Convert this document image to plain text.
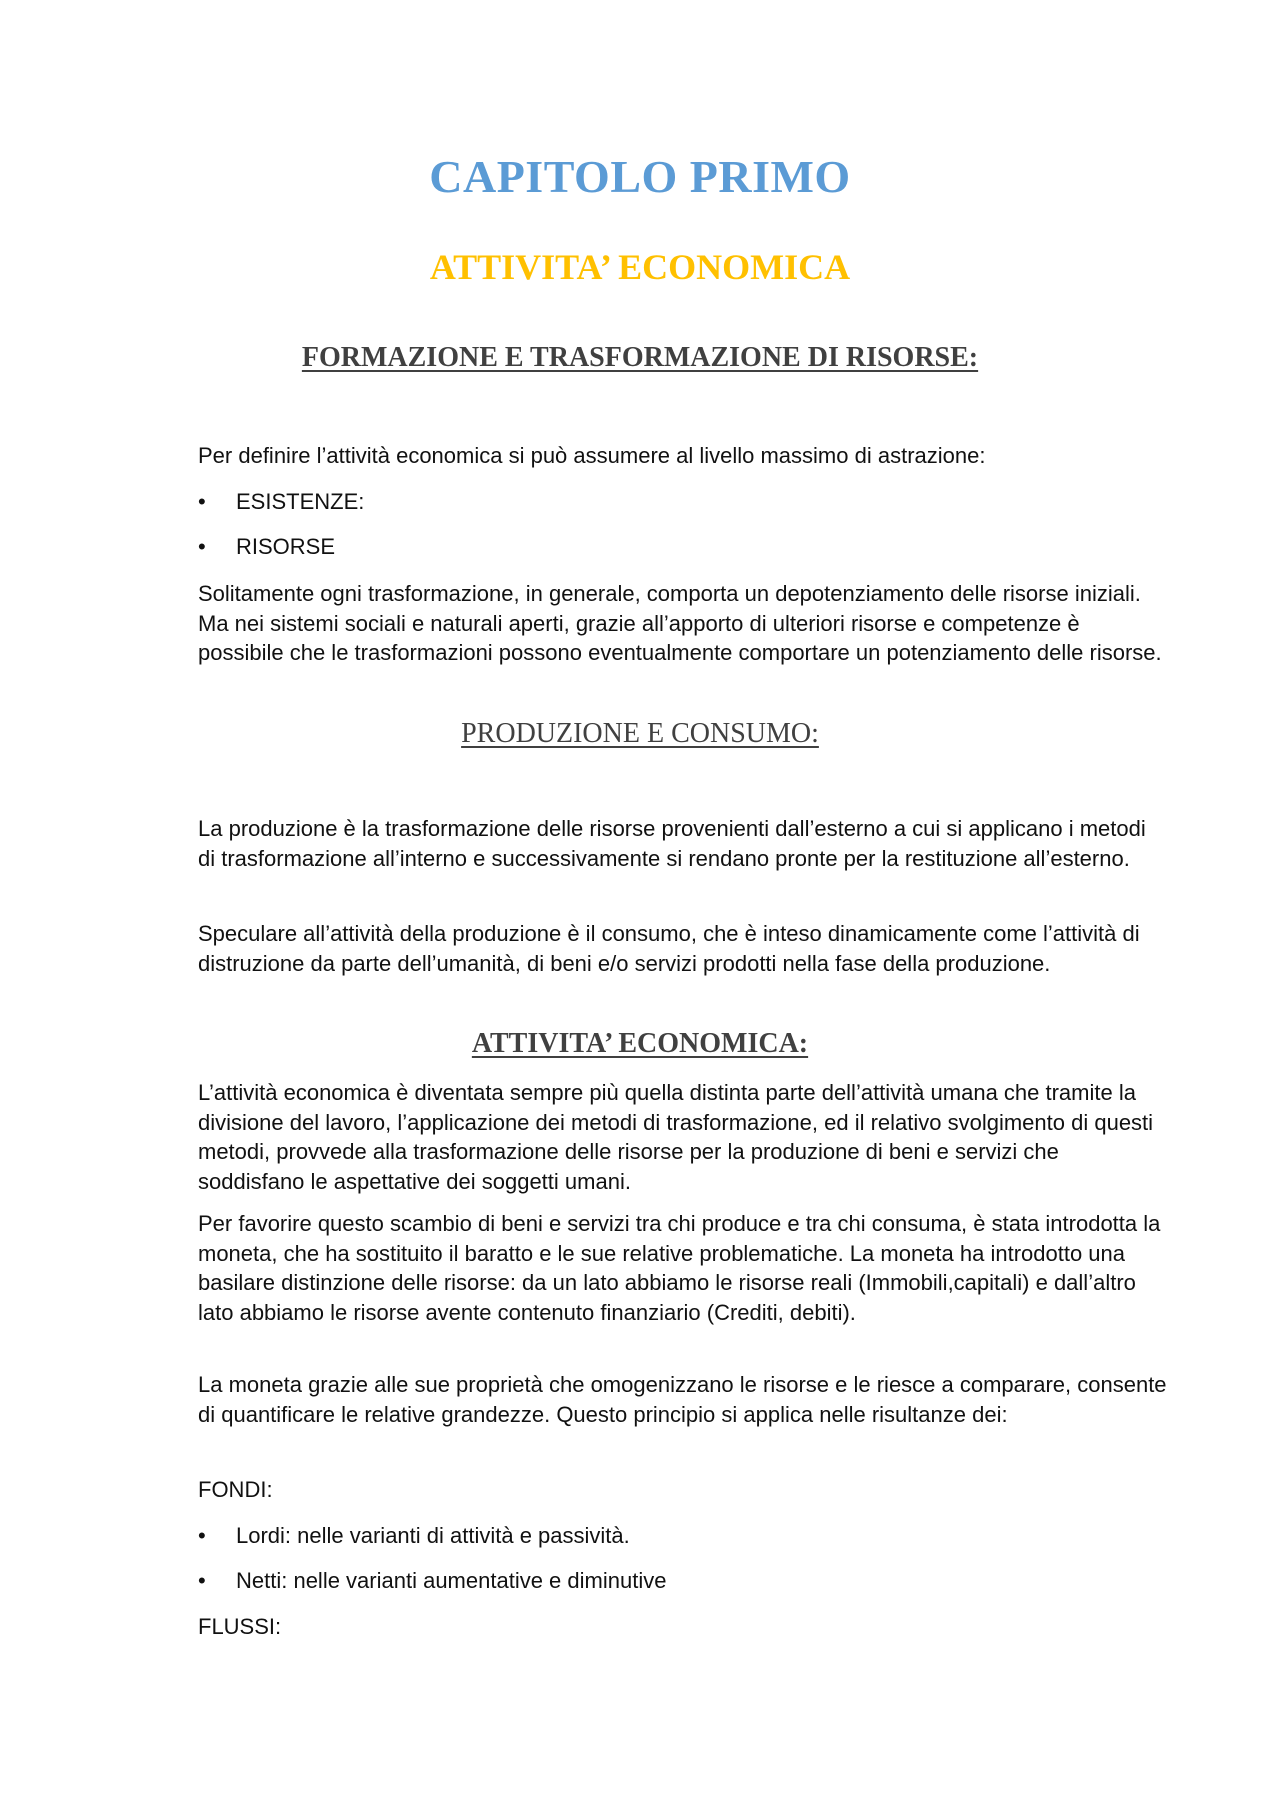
CAPITOLO PRIMO
ATTIVITA’ ECONOMICA
FORMAZIONE E TRASFORMAZIONE DI RISORSE:
Per definire l’attività economica si può assumere al livello massimo di astrazione:
• ESISTENZE:
• RISORSE
Solitamente ogni trasformazione, in generale, comporta un depotenziamento delle risorse iniziali. Ma nei sistemi sociali e naturali aperti, grazie all’apporto di ulteriori risorse e competenze è possibile che le trasformazioni possono eventualmente comportare un potenziamento delle risorse.
PRODUZIONE E CONSUMO:
La produzione è la trasformazione delle risorse provenienti dall’esterno a cui si applicano i metodi di trasformazione all’interno e successivamente si rendano pronte per la restituzione all’esterno.
Speculare all’attività della produzione è il consumo, che è inteso dinamicamente come l’attività di distruzione da parte dell’umanità, di beni e/o servizi prodotti nella fase della produzione.
ATTIVITA’ ECONOMICA:
L’attività economica è diventata sempre più quella distinta parte dell’attività umana che tramite la divisione del lavoro, l’applicazione dei metodi di trasformazione, ed il relativo svolgimento di questi metodi, provvede alla trasformazione delle risorse per la produzione di beni e servizi che soddisfano le aspettative dei soggetti umani.
Per favorire questo scambio di beni e servizi tra chi produce e tra chi consuma, è stata introdotta la moneta, che ha sostituito il baratto e le sue relative problematiche. La moneta ha introdotto una basilare distinzione delle risorse: da un lato abbiamo le risorse reali (Immobili,capitali) e dall’altro lato abbiamo le risorse avente contenuto finanziario (Crediti, debiti).
La moneta grazie alle sue proprietà che omogenizzano le risorse e le riesce a comparare, consente di quantificare le relative grandezze. Questo principio si applica nelle risultanze dei:
FONDI:
• Lordi: nelle varianti di attività e passività.
• Netti: nelle varianti aumentative e diminutive
FLUSSI:
